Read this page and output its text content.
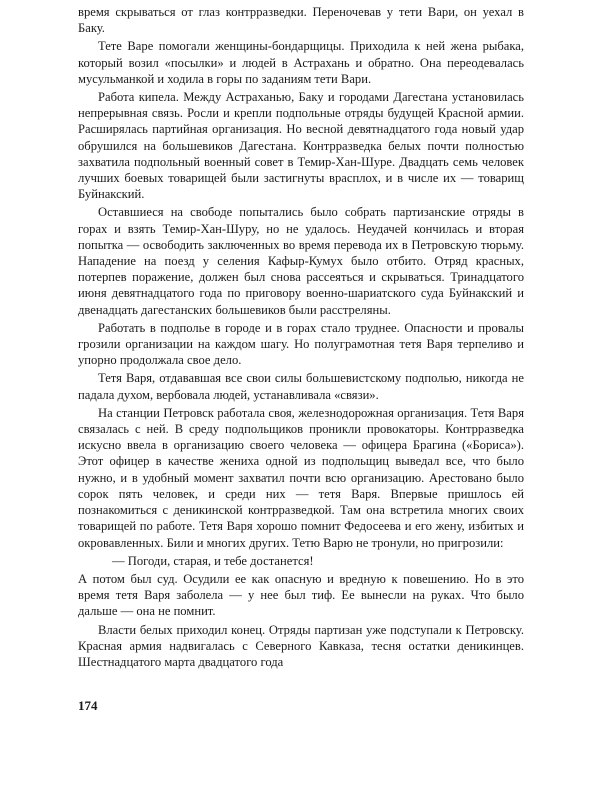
время скрываться от глаз контрразведки. Переночевав у тети Вари, он уехал в Баку.

Тете Варе помогали женщины-бондарщицы. Приходила к ней жена рыбака, который возил «посылки» и людей в Астрахань и обратно. Она переодевалась мусульманкой и ходила в горы по заданиям тети Вари.

Работа кипела. Между Астраханью, Баку и городами Дагестана установилась непрерывная связь. Росли и крепли подпольные отряды будущей Красной армии. Расширялась партийная организация. Но весной девятнадцатого года новый удар обрушился на большевиков Дагестана. Контрразведка белых почти полностью захватила подпольный военный совет в Темир-Хан-Шуре. Двадцать семь человек лучших боевых товарищей были застигнуты врасплох, и в числе их — товарищ Буйнакский.

Оставшиеся на свободе попытались было собрать партизанские отряды в горах и взять Темир-Хан-Шуру, но не удалось. Неудачей кончилась и вторая попытка — освободить заключенных во время перевода их в Петровскую тюрьму. Нападение на поезд у селения Кафыр-Кумух было отбито. Отряд красных, потерпев поражение, должен был снова рассеяться и скрываться. Тринадцатого июня девятнадцатого года по приговору военно-шариатского суда Буйнакский и двенадцать дагестанских большевиков были расстреляны.

Работать в подполье в городе и в горах стало труднее. Опасности и провалы грозили организации на каждом шагу. Но полуграмотная тетя Варя терпеливо и упорно продолжала свое дело.

Тетя Варя, отдававшая все свои силы большевистскому подполью, никогда не падала духом, вербовала людей, устанавливала «связи».

На станции Петровск работала своя, железнодорожная организация. Тетя Варя связалась с ней. В среду подпольщиков проникли провокаторы. Контрразведка искусно ввела в организацию своего человека — офицера Брагина («Бориса»). Этот офицер в качестве жениха одной из подпольщиц выведал все, что было нужно, и в удобный момент захватил почти всю организацию. Арестовано было сорок пять человек, и среди них — тетя Варя. Впервые пришлось ей познакомиться с деникинской контрразведкой. Там она встретила многих своих товарищей по работе. Тетя Варя хорошо помнит Федосеева и его жену, избитых и окровавленных. Били и многих других. Тетю Варю не тронули, но пригрозили:

— Погоди, старая, и тебе достанется!

А потом был суд. Осудили ее как опасную и вредную к повешению. Но в это время тетя Варя заболела — у нее был тиф. Ее вынесли на руках. Что было дальше — она не помнит.

Власти белых приходил конец. Отряды партизан уже подступали к Петровску. Красная армия надвигалась с Северного Кавказа, тесня остатки деникинцев. Шестнадцатого марта двадцатого года

174
